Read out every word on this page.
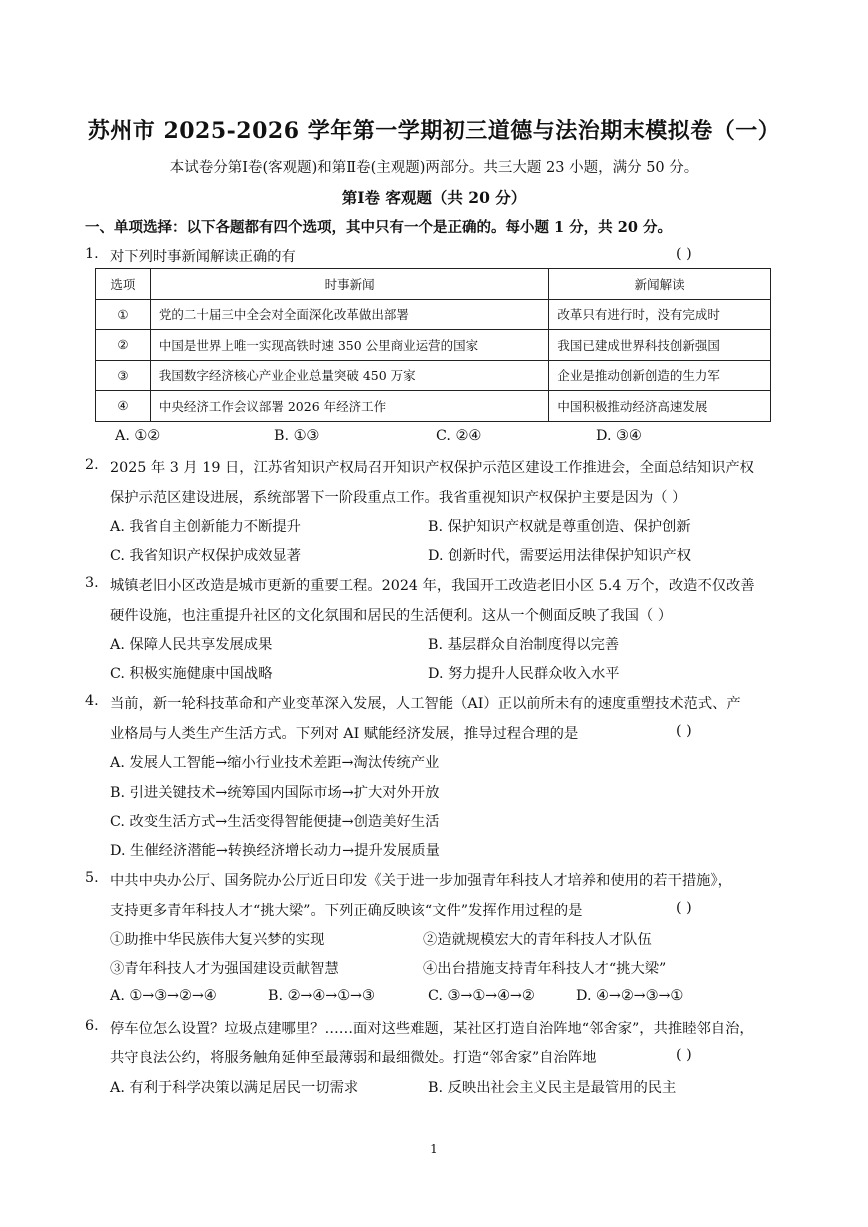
苏州市 2025-2026 学年第一学期初三道德与法治期末模拟卷（一）
本试卷分第Ⅰ卷(客观题)和第Ⅱ卷(主观题)两部分。共三大题 23 小题，满分 50 分。
第Ⅰ卷 客观题（共 20 分）
一、单项选择：以下各题都有四个选项，其中只有一个是正确的。每小题 1 分，共 20 分。
1. 对下列时事新闻解读正确的有	( )
选项	时事新闻	新闻解读
①	党的二十届三中全会对全面深化改革做出部署	改革只有进行时，没有完成时
②	中国是世界上唯一实现高铁时速 350 公里商业运营的国家	我国已建成世界科技创新强国
③	我国数字经济核心产业企业总量突破 450 万家	企业是推动创新创造的生力军
④	中央经济工作会议部署 2026 年经济工作	中国积极推动经济高速发展
A. ①②	B. ①③	C. ②④	D. ③④
2. 2025 年 3 月 19 日，江苏省知识产权局召开知识产权保护示范区建设工作推进会，全面总结知识产权
保护示范区建设进展，系统部署下一阶段重点工作。我省重视知识产权保护主要是因为（ ）
A. 我省自主创新能力不断提升	B. 保护知识产权就是尊重创造、保护创新
C. 我省知识产权保护成效显著	D. 创新时代，需要运用法律保护知识产权
3. 城镇老旧小区改造是城市更新的重要工程。2024 年，我国开工改造老旧小区 5.4 万个，改造不仅改善
硬件设施，也注重提升社区的文化氛围和居民的生活便利。这从一个侧面反映了我国（ ）
A. 保障人民共享发展成果	B. 基层群众自治制度得以完善
C. 积极实施健康中国战略	D. 努力提升人民群众收入水平
4. 当前，新一轮科技革命和产业变革深入发展，人工智能（AI）正以前所未有的速度重塑技术范式、产
业格局与人类生产生活方式。下列对 AI 赋能经济发展，推导过程合理的是	( )
A. 发展人工智能→缩小行业技术差距→淘汰传统产业
B. 引进关键技术→统筹国内国际市场→扩大对外开放
C. 改变生活方式→生活变得智能便捷→创造美好生活
D. 生催经济潜能→转换经济增长动力→提升发展质量
5. 中共中央办公厅、国务院办公厅近日印发《关于进一步加强青年科技人才培养和使用的若干措施》，
支持更多青年科技人才“挑大梁”。下列正确反映该“文件”发挥作用过程的是	( )
①助推中华民族伟大复兴梦的实现	②造就规模宏大的青年科技人才队伍
③青年科技人才为强国建设贡献智慧	④出台措施支持青年科技人才“挑大梁”
A. ①→③→②→④	B. ②→④→①→③	C. ③→①→④→②	D. ④→②→③→①
6. 停车位怎么设置？垃圾点建哪里？……面对这些难题，某社区打造自治阵地“邻舍家”，共推睦邻自治，
共守良法公约，将服务触角延伸至最薄弱和最细微处。打造“邻舍家”自治阵地	( )
A. 有利于科学决策以满足居民一切需求	B. 反映出社会主义民主是最管用的民主
1
